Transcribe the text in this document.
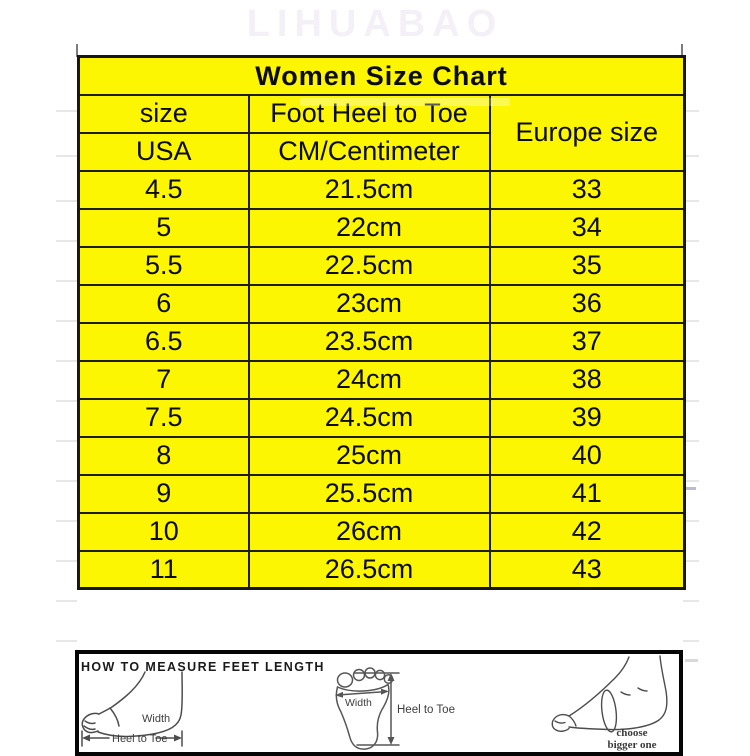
LIHUABAO
Women Size Chart		
size	Foot Heel to Toe	Europe size
USA	CM/Centimeter	
4.5	21.5cm	33
5	22cm	34
5.5	22.5cm	35
6	23cm	36
6.5	23.5cm	37
7	24cm	38
7.5	24.5cm	39
8	25cm	40
9	25.5cm	41
10	26cm	42
11	26.5cm	43
HOW TO MEASURE FEET LENGTH
Width
Heel to Toe
Width
Heel to Toe
choose
bigger one
